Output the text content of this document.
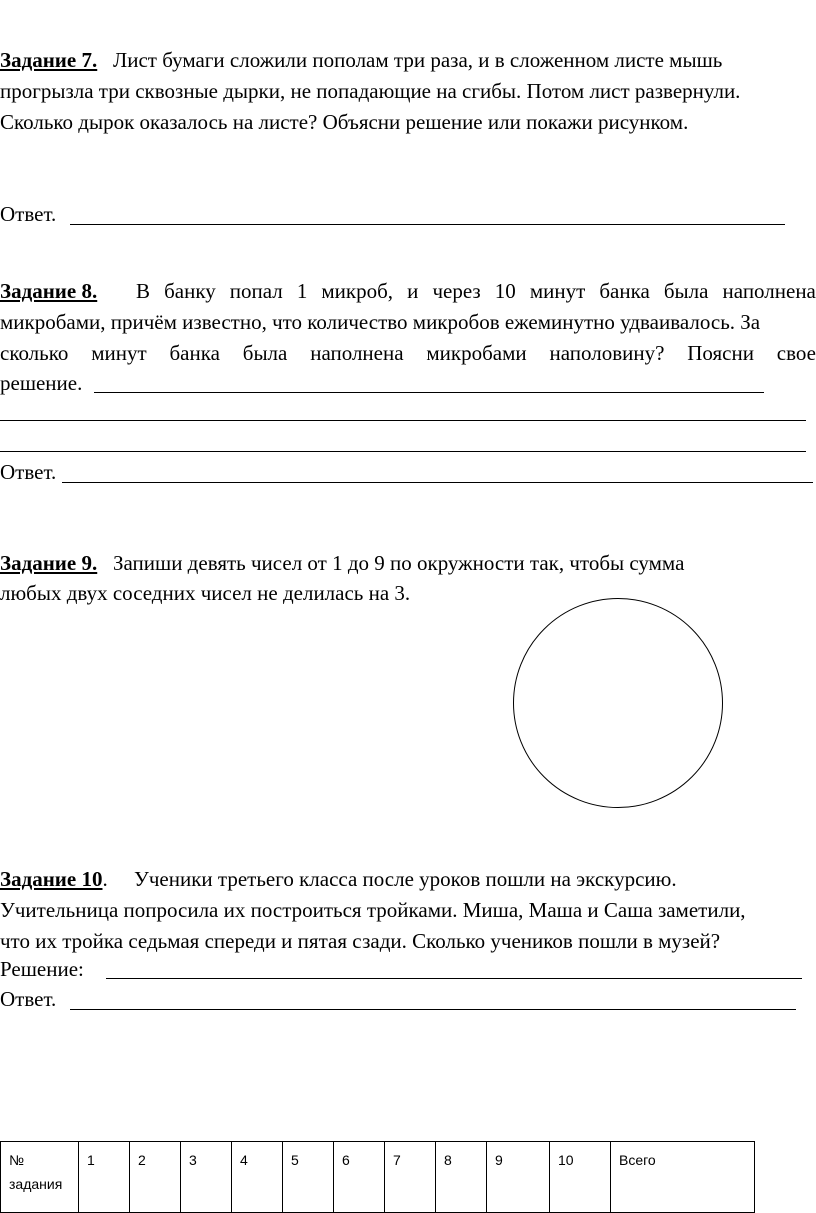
Задание 7. Лист бумаги сложили пополам три раза, и в сложенном листе мышь
прогрызла три сквозные дырки, не попадающие на сгибы. Потом лист развернули.
Сколько дырок оказалось на листе? Объясни решение или покажи рисунком.
Ответ.
Задание 8. В банку попал 1 микроб, и через 10 минут банка была наполнена
микробами, причём известно, что количество микробов ежеминутно удваивалось. За
сколько минут банка была наполнена микробами наполовину? Поясни свое
решение.
Ответ.
Задание 9. Запиши девять чисел от 1 до 9 по окружности так, чтобы сумма
любых двух соседних чисел не делилась на 3.
Задание 10. Ученики третьего класса после уроков пошли на экскурсию.
Учительница попросила их построиться тройками. Миша, Маша и Саша заметили,
что их тройка седьмая спереди и пятая сзади. Сколько учеников пошли в музей?
Решение:
Ответ.
№ задания	1	2	3	4	5	6	7	8	9	10	Всего
